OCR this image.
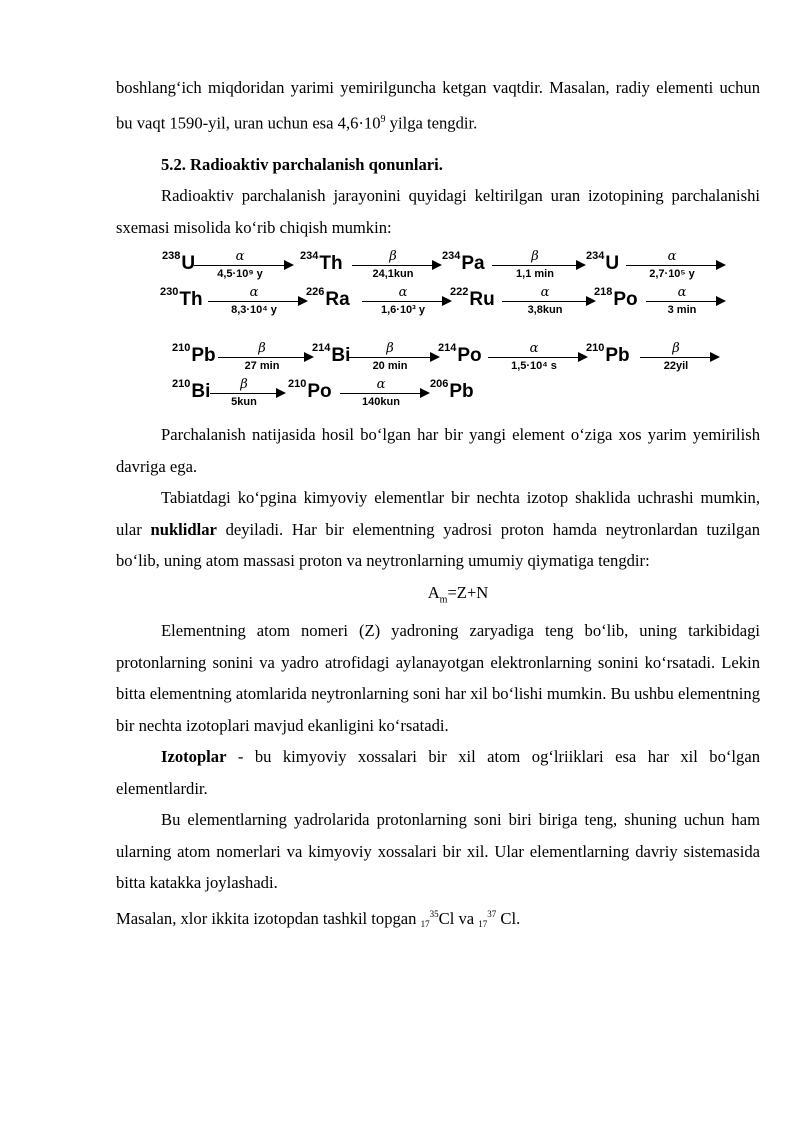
boshlang‘ich miqdoridan yarimi yemirilguncha ketgan vaqtdir. Masalan, radiy elementi uchun bu vaqt 1590-yil, uran uchun esa $4,6\cdot 10^9$ yilga tengdir.

5.2. Radioaktiv parchalanish qonunlari.

Radioaktiv parchalanish jarayonini quyidagi keltirilgan uran izotopining parchalanishi sxemasi misolida ko‘rib chiqish mumkin:

$^{238}$U	α
4,5·10⁹ y
$^{234}$Th	β
24,1kun
$^{234}$Pa	β
1,1 min
$^{234}$U	α
2,7·10⁵ y
$^{230}$Th	α
8,3·10⁴ y
$^{226}$Ra	α
1,6·10³ y
$^{222}$Ru	α
3,8kun
$^{218}$Po	α
3 min
$^{210}$Pb	β
27 min
$^{214}$Bi	β
20 min
$^{214}$Po	α
1,5·10⁴ s
$^{210}$Pb	β
22yil
$^{210}$Bi	β
5kun
$^{210}$Po	α
140kun
$^{206}$Pb

Parchalanish natijasida hosil bo‘lgan har bir yangi element o‘ziga xos yarim yemirilish davriga ega.

Tabiatdagi ko‘pgina kimyoviy elementlar bir nechta izotop shaklida uchrashi mumkin, ular nuklidlar deyiladi. Har bir elementning yadrosi proton hamda neytronlardan tuzilgan bo‘lib, uning atom massasi proton va neytronlarning umumiy qiymatiga tengdir:

$A_m=Z+N$

Elementning atom nomeri (Z) yadroning zaryadiga teng bo‘lib, uning tarkibidagi protonlarning sonini va yadro atrofidagi aylanayotgan elektronlarning sonini ko‘rsatadi. Lekin bitta elementning atomlarida neytronlarning soni har xil bo‘lishi mumkin. Bu ushbu elementning bir nechta izotoplari mavjud ekanligini ko‘rsatadi.

Izotoplar - bu kimyoviy xossalari bir xil atom og‘lriiklari esa har xil bo‘lgan elementlardir.

Bu elementlarning yadrolarida protonlarning soni biri biriga teng, shuning uchun ham ularning atom nomerlari va kimyoviy xossalari bir xil. Ular elementlarning davriy sistemasida bitta katakka joylashadi.

Masalan, xlor ikkita izotopdan tashkil topgan $_{17}^{35}$Cl va $_{17}^{37}$ Cl.
